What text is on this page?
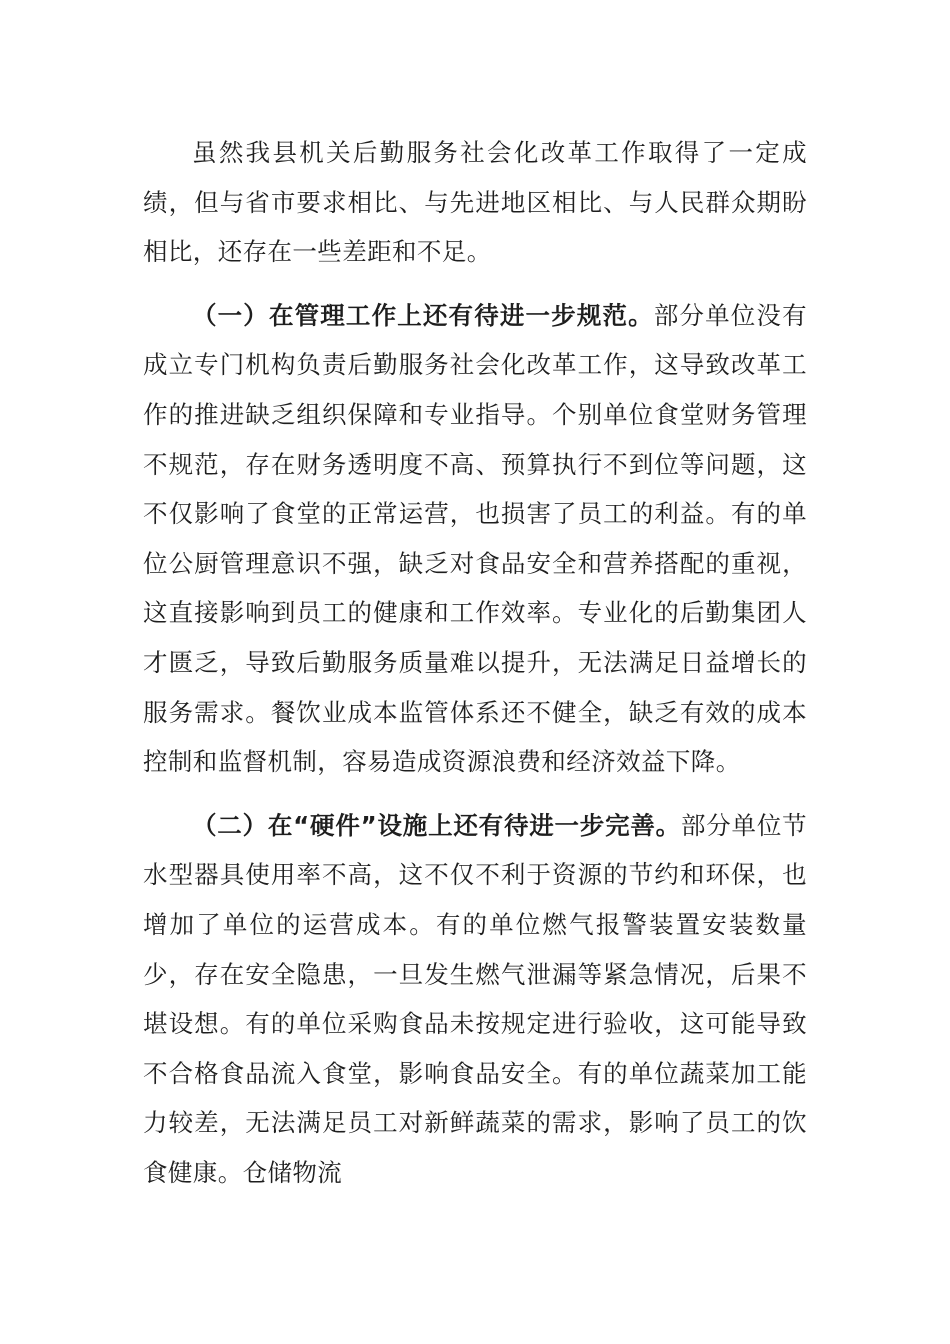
虽然我县机关后勤服务社会化改革工作取得了一定成绩，但与省市要求相比、与先进地区相比、与人民群众期盼相比，还存在一些差距和不足。

（一）在管理工作上还有待进一步规范。部分单位没有成立专门机构负责后勤服务社会化改革工作，这导致改革工作的推进缺乏组织保障和专业指导。个别单位食堂财务管理不规范，存在财务透明度不高、预算执行不到位等问题，这不仅影响了食堂的正常运营，也损害了员工的利益。有的单位公厨管理意识不强，缺乏对食品安全和营养搭配的重视，这直接影响到员工的健康和工作效率。专业化的后勤集团人才匮乏，导致后勤服务质量难以提升，无法满足日益增长的服务需求。餐饮业成本监管体系还不健全，缺乏有效的成本控制和监督机制，容易造成资源浪费和经济效益下降。

（二）在“硬件”设施上还有待进一步完善。部分单位节水型器具使用率不高，这不仅不利于资源的节约和环保，也增加了单位的运营成本。有的单位燃气报警装置安装数量少，存在安全隐患，一旦发生燃气泄漏等紧急情况，后果不堪设想。有的单位采购食品未按规定进行验收，这可能导致不合格食品流入食堂，影响食品安全。有的单位蔬菜加工能力较差，无法满足员工对新鲜蔬菜的需求，影响了员工的饮食健康。仓储物流
